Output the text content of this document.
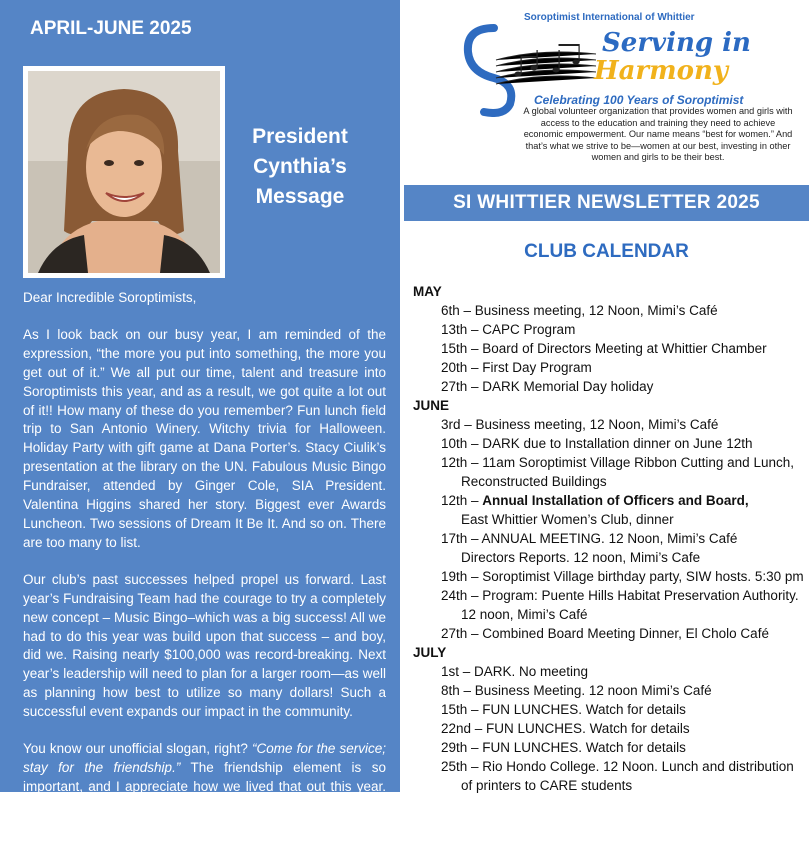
APRIL-JUNE 2025
President
Cynthia’s
Message

Dear Incredible Soroptimists,

As I look back on our busy year, I am reminded of the expression, “the more you put into something, the more you get out of it.” We all put our time, talent and treasure into Soroptimists this year, and as a result, we got quite a lot out of it!! How many of these do you remember? Fun lunch field trip to San Antonio Winery. Witchy trivia for Halloween. Holiday Party with gift game at Dana Porter’s. Stacy Ciulik’s presentation at the library on the UN. Fabulous Music Bingo Fundraiser, attended by Ginger Cole, SIA President. Valentina Higgins shared her story. Biggest ever Awards Luncheon. Two sessions of Dream It Be It. And so on. There are too many to list.

Our club’s past successes helped propel us forward. Last year’s Fundraising Team had the courage to try a completely new concept – Music Bingo–which was a big success! All we had to do this year was build upon that success – and boy, did we. Raising nearly $100,000 was record-breaking. Next year’s leadership will need to plan for a larger room—as well as planning how best to utilize so many dollars! Such a successful event expands our impact in the community.

You know our unofficial slogan, right? “Come for the service; stay for the friendship.” The friendship element is so important, and I appreciate how we lived that out this year. There were several losses, accidents and illnesses experienced by our

Soroptimist International of Whittier
Serving in
Harmony
Celebrating 100 Years of Soroptimist
A global volunteer organization that provides women and girls with access to the education and training they need to achieve economic empowerment. Our name means “best for women.” And that’s what we strive to be—women at our best, investing in other women and girls to be their best.
SI WHITTIER NEWSLETTER 2025
CLUB CALENDAR
MAY
6th – Business meeting, 12 Noon, Mimi’s Café
13th – CAPC Program
15th – Board of Directors Meeting at Whittier Chamber
20th – First Day Program
27th – DARK Memorial Day holiday
JUNE
3rd – Business meeting, 12 Noon, Mimi’s Café
10th – DARK due to Installation dinner on June 12th
12th – 11am Soroptimist Village Ribbon Cutting and Lunch,
Reconstructed Buildings
12th – Annual Installation of Officers and Board,
East Whittier Women’s Club, dinner
17th – ANNUAL MEETING. 12 Noon, Mimi’s Café
Directors Reports. 12 noon, Mimi’s Cafe
19th – Soroptimist Village birthday party, SIW hosts. 5:30 pm
24th – Program: Puente Hills Habitat Preservation Authority.
12 noon, Mimi’s Café
27th – Combined Board Meeting Dinner, El Cholo Café
JULY
1st – DARK. No meeting
8th – Business Meeting. 12 noon Mimi’s Café
15th – FUN LUNCHES. Watch for details
22nd – FUN LUNCHES. Watch for details
29th – FUN LUNCHES. Watch for details
25th – Rio Hondo College. 12 Noon. Lunch and distribution
of printers to CARE students
